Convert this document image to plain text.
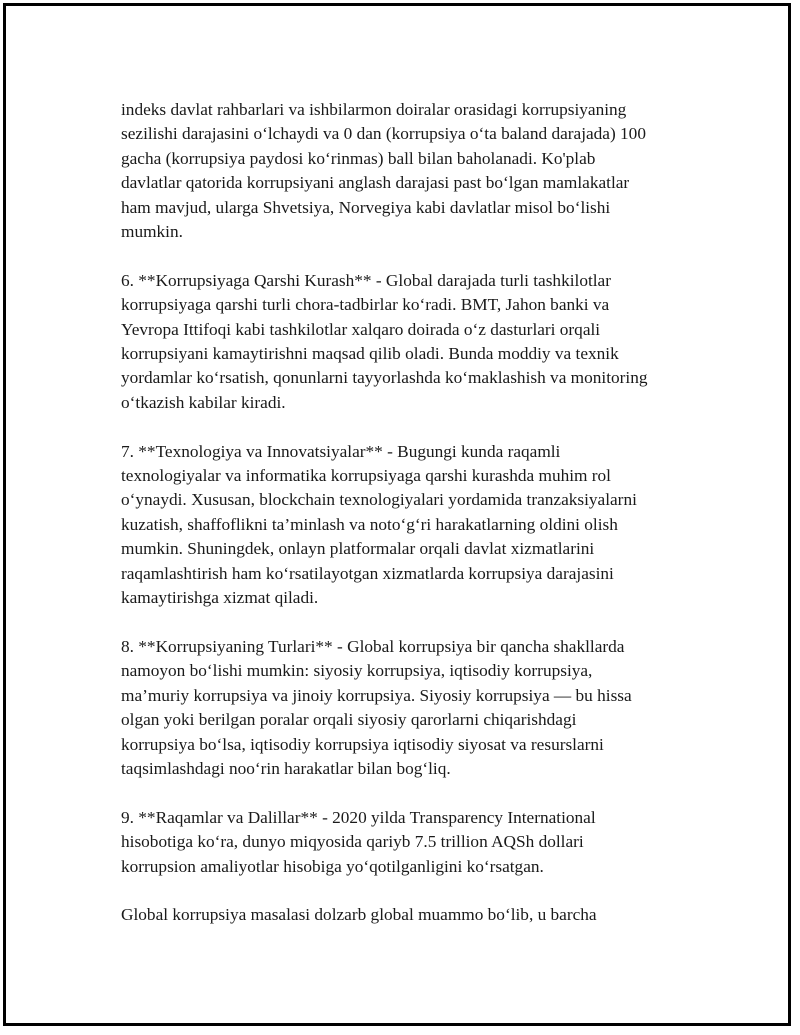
indeks davlat rahbarlari va ishbilarmon doiralar orasidagi korrupsiyaning
sezilishi darajasini o‘lchaydi va 0 dan (korrupsiya o‘ta baland darajada) 100
gacha (korrupsiya paydosi ko‘rinmas) ball bilan baholanadi. Ko'plab
davlatlar qatorida korrupsiyani anglash darajasi past bo‘lgan mamlakatlar
ham mavjud, ularga Shvetsiya, Norvegiya kabi davlatlar misol bo‘lishi
mumkin.

6. **Korrupsiyaga Qarshi Kurash** - Global darajada turli tashkilotlar
korrupsiyaga qarshi turli chora-tadbirlar ko‘radi. BMT, Jahon banki va
Yevropa Ittifoqi kabi tashkilotlar xalqaro doirada o‘z dasturlari orqali
korrupsiyani kamaytirishni maqsad qilib oladi. Bunda moddiy va texnik
yordamlar ko‘rsatish, qonunlarni tayyorlashda ko‘maklashish va monitoring
o‘tkazish kabilar kiradi.

7. **Texnologiya va Innovatsiyalar** - Bugungi kunda raqamli
texnologiyalar va informatika korrupsiyaga qarshi kurashda muhim rol
o‘ynaydi. Xususan, blockchain texnologiyalari yordamida tranzaksiyalarni
kuzatish, shaffoflikni ta’minlash va noto‘g‘ri harakatlarning oldini olish
mumkin. Shuningdek, onlayn platformalar orqali davlat xizmatlarini
raqamlashtirish ham ko‘rsatilayotgan xizmatlarda korrupsiya darajasini
kamaytirishga xizmat qiladi.

8. **Korrupsiyaning Turlari** - Global korrupsiya bir qancha shakllarda
namoyon bo‘lishi mumkin: siyosiy korrupsiya, iqtisodiy korrupsiya,
ma’muriy korrupsiya va jinoiy korrupsiya. Siyosiy korrupsiya — bu hissa
olgan yoki berilgan poralar orqali siyosiy qarorlarni chiqarishdagi
korrupsiya bo‘lsa, iqtisodiy korrupsiya iqtisodiy siyosat va resurslarni
taqsimlashdagi noo‘rin harakatlar bilan bog‘liq.

9. **Raqamlar va Dalillar** - 2020 yilda Transparency International
hisobotiga ko‘ra, dunyo miqyosida qariyb 7.5 trillion AQSh dollari
korrupsion amaliyotlar hisobiga yo‘qotilganligini ko‘rsatgan.

Global korrupsiya masalasi dolzarb global muammo bo‘lib, u barcha
